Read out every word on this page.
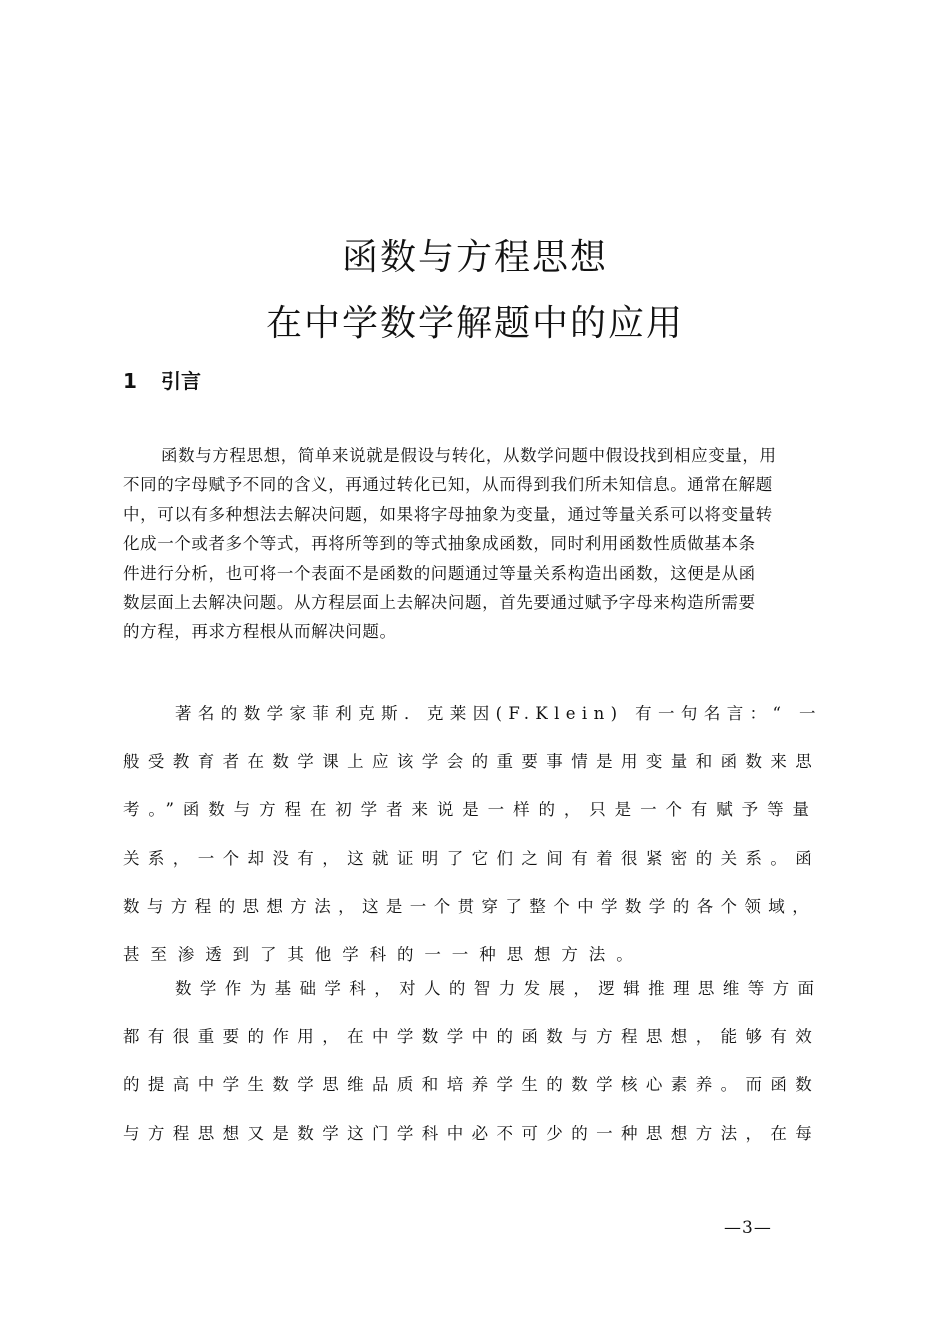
函数与方程思想
在中学数学解题中的应用
1 引言
函数与方程思想，简单来说就是假设与转化，从数学问题中假设找到相应变量，用
不同的字母赋予不同的含义，再通过转化已知，从而得到我们所未知信息。通常在解题
中，可以有多种想法去解决问题，如果将字母抽象为变量，通过等量关系可以将变量转
化成一个或者多个等式，再将所等到的等式抽象成函数，同时利用函数性质做基本条
件进行分析，也可将一个表面不是函数的问题通过等量关系构造出函数，这便是从函
数层面上去解决问题。从方程层面上去解决问题，首先要通过赋予字母来构造所需要
的方程，再求方程根从而解决问题。
著名的数学家菲利克斯．克莱因(F.Klein) 有一句名言：“ 一
般受教育者在数学课上应该学会的重要事情是用变量和函数来思
考。”函数与方程在初学者来说是一样的，只是一个有赋予等量
关系，一个却没有，这就证明了它们之间有着很紧密的关系。函
数与方程的思想方法，这是一个贯穿了整个中学数学的各个领域，
甚至渗透到了其他学科的一一种思想方法。
数学作为基础学科，对人的智力发展，逻辑推理思维等方面
都有很重要的作用，在中学数学中的函数与方程思想，能够有效
的提高中学生数学思维品质和培养学生的数学核心素养。而函数
与方程思想又是数学这门学科中必不可少的一种思想方法，在每
—3—
